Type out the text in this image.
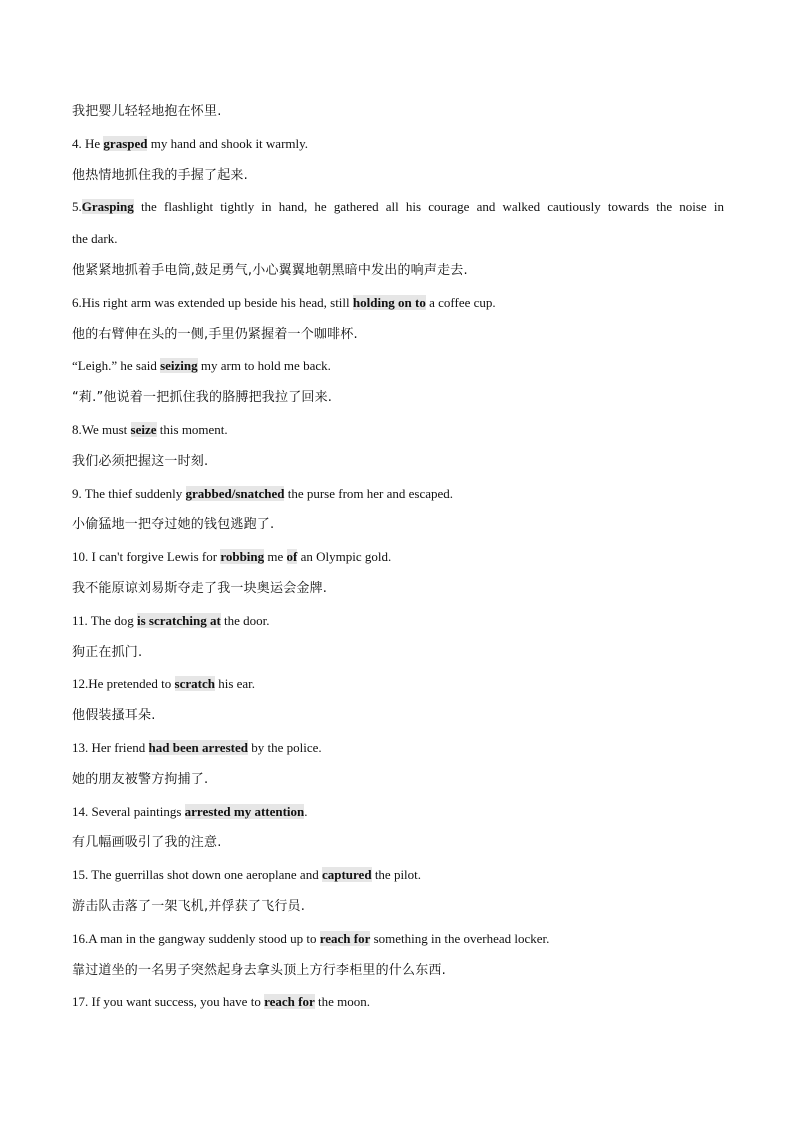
我把婴儿轻轻地抱在怀里.
4. He grasped my hand and shook it warmly.
他热情地抓住我的手握了起来.
5.Grasping the flashlight tightly in hand, he gathered all his courage and walked cautiously towards the noise in
the dark.
他紧紧地抓着手电筒,鼓足勇气,小心翼翼地朝黑暗中发出的响声走去.
6.His right arm was extended up beside his head, still holding on to a coffee cup.
他的右臂伸在头的一侧,手里仍紧握着一个咖啡杯.
“Leigh.” he said seizing my arm to hold me back.
“莉.”他说着一把抓住我的胳膊把我拉了回来.
8.We must seize this moment.
我们必须把握这一时刻.
9. The thief suddenly grabbed/snatched the purse from her and escaped.
小偷猛地一把夺过她的钱包逃跑了.
10. I can't forgive Lewis for robbing me of an Olympic gold.
我不能原谅刘易斯夺走了我一块奥运会金牌.
11. The dog is scratching at the door.
狗正在抓门.
12.He pretended to scratch his ear.
他假装搔耳朵.
13. Her friend had been arrested by the police.
她的朋友被警方拘捕了.
14. Several paintings arrested my attention.
有几幅画吸引了我的注意.
15. The guerrillas shot down one aeroplane and captured the pilot.
游击队击落了一架飞机,并俘获了飞行员.
16.A man in the gangway suddenly stood up to reach for something in the overhead locker.
靠过道坐的一名男子突然起身去拿头顶上方行李柜里的什么东西.
17. If you want success, you have to reach for the moon.
